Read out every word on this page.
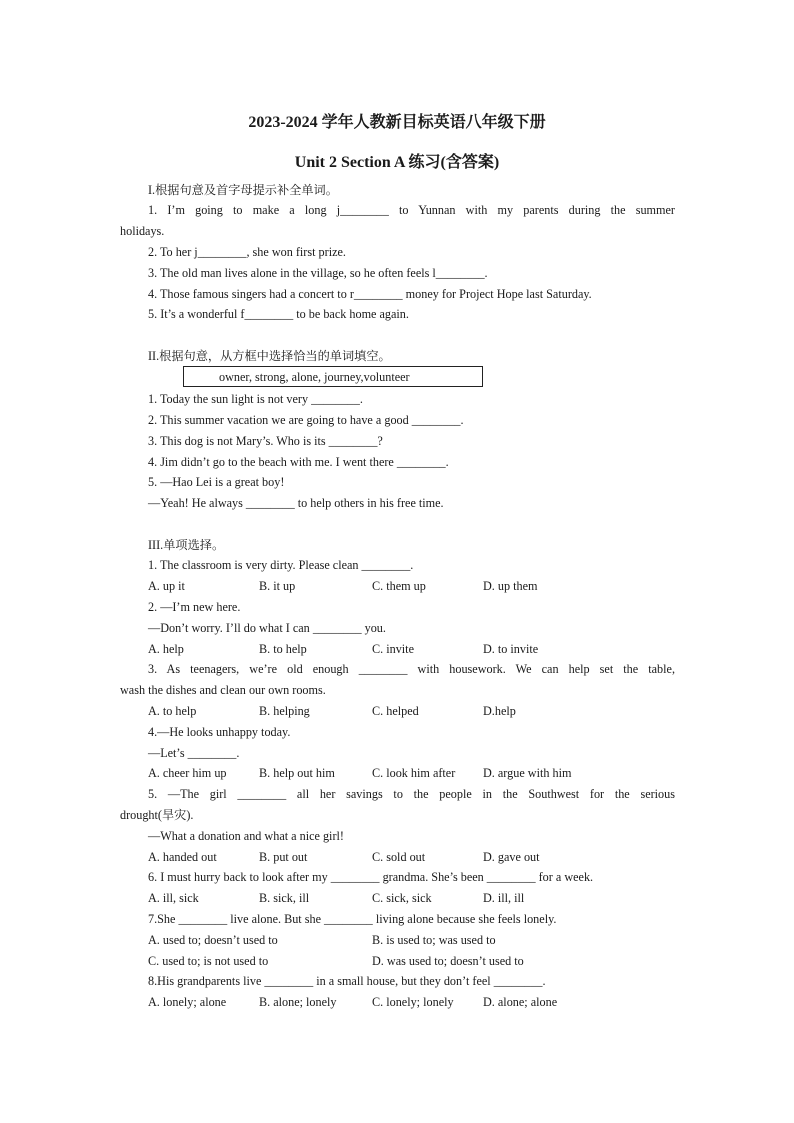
2023-2024 学年人教新目标英语八年级下册
Unit 2 Section A 练习(含答案)
I.根据句意及首字母提示补全单词。
1. I’m going to make a long j________ to Yunnan with my parents during the summer
holidays.
2. To her j________, she won first prize.
3. The old man lives alone in the village, so he often feels l________.
4. Those famous singers had a concert to r________ money for Project Hope last Saturday.
5. It’s a wonderful f________ to be back home again.
II.根据句意，从方框中选择恰当的单词填空。
owner, strong, alone, journey,volunteer
1. Today the sun light is not very ________.
2. This summer vacation we are going to have a good ________.
3. This dog is not Mary’s. Who is its ________?
4. Jim didn’t go to the beach with me. I went there ________.
5. —Hao Lei is a great boy!
—Yeah! He always ________ to help others in his free time.
III.单项选择。
1. The classroom is very dirty. Please clean ________.
A. up it	B. it up	C. them up	D. up them
2. —I’m new here.
—Don’t worry. I’ll do what I can ________ you.
A. help	B. to help	C. invite	D. to invite
3. As teenagers, we’re old enough ________ with housework. We can help set the table,
wash the dishes and clean our own rooms.
A. to help	B. helping	C. helped	D.help
4.—He looks unhappy today.
—Let’s ________.
A. cheer him up	B. help out him	C. look him after D. argue with him
5. —The girl ________ all her savings to the people in the Southwest for the serious
drought(旱灾).
—What a donation and what a nice girl!
A. handed out	B. put out	C. sold out	D. gave out
6. I must hurry back to look after my ________ grandma. She’s been ________ for a week.
A. ill, sick	B. sick, ill	C. sick, sick	D. ill, ill
7.She ________ live alone. But she ________ living alone because she feels lonely.
A. used to; doesn’t used to	B. is used to; was used to
C. used to; is not used to	D. was used to; doesn’t used to
8.His grandparents live ________ in a small house, but they don’t feel ________.
A. lonely; alone	B. alone; lonely	C. lonely; lonely D. alone; alone
